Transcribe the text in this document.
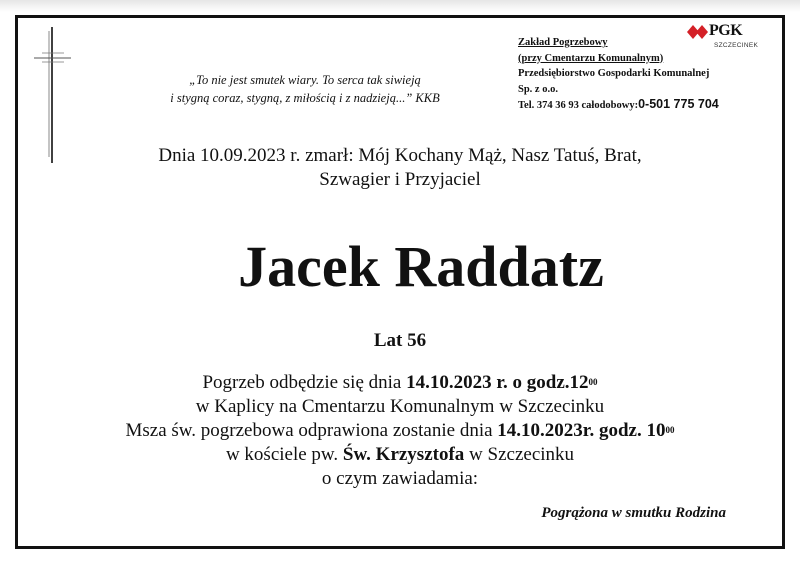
„To nie jest smutek wiary. To serca tak siwieją
i stygną coraz, stygną, z miłością i z nadzieją...” KKB
Zakład Pogrzebowy
(przy Cmentarzu Komunalnym)
Przedsiębiorstwo Gospodarki Komunalnej
Sp. z o.o.
Tel. 374 36 93 całodobowy:0-501 775 704
PGK
SZCZECINEK
Dnia 10.09.2023 r. zmarł: Mój Kochany Mąż, Nasz Tatuś, Brat,
Szwagier i Przyjaciel
Jacek Raddatz
Lat 56
Pogrzeb odbędzie się dnia 14.10.2023 r. o $godz.12^{00}$
w Kaplicy na Cmentarzu Komunalnym w Szczecinku
Msza św. pogrzebowa odprawiona zostanie dnia 14.10.2023r. godz. $10^{00}$
w kościele pw. Św. Krzysztofa w Szczecinku
o czym zawiadamia:
Pogrążona w smutku Rodzina
